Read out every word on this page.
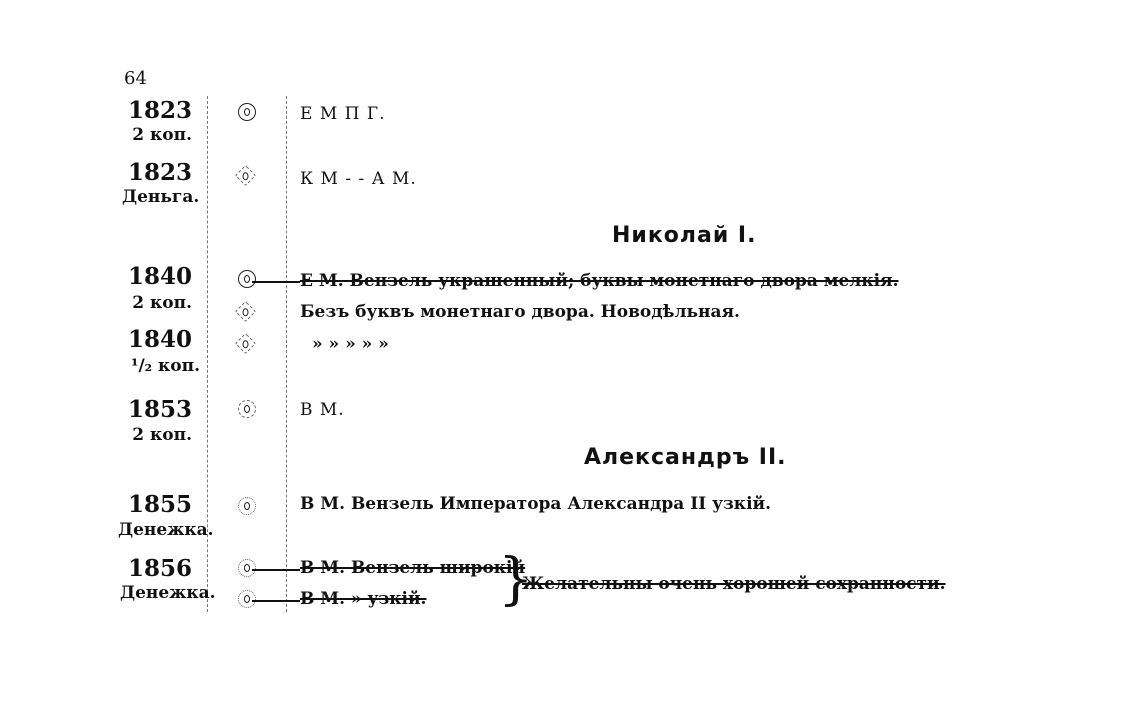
64
1823
2 коп.
Е М П Г.
1823
Деньга.
К М - - А М.
Николай I.
1840
2 коп.
Е М. Вензель украшенный; буквы монетнаго двора мелкія.
Безъ буквъ монетнаго двора. Новодѣльная.
1840
¹/₂ коп.
» » » » »
1853
2 коп.
В М.
Александръ II.
1855
Денежка.
В М. Вензель Императора Александра II узкій.
1856
Денежка.
В М. Вензель широкій
В М. » узкій. }
Желательны очень хорошей сохранности.
